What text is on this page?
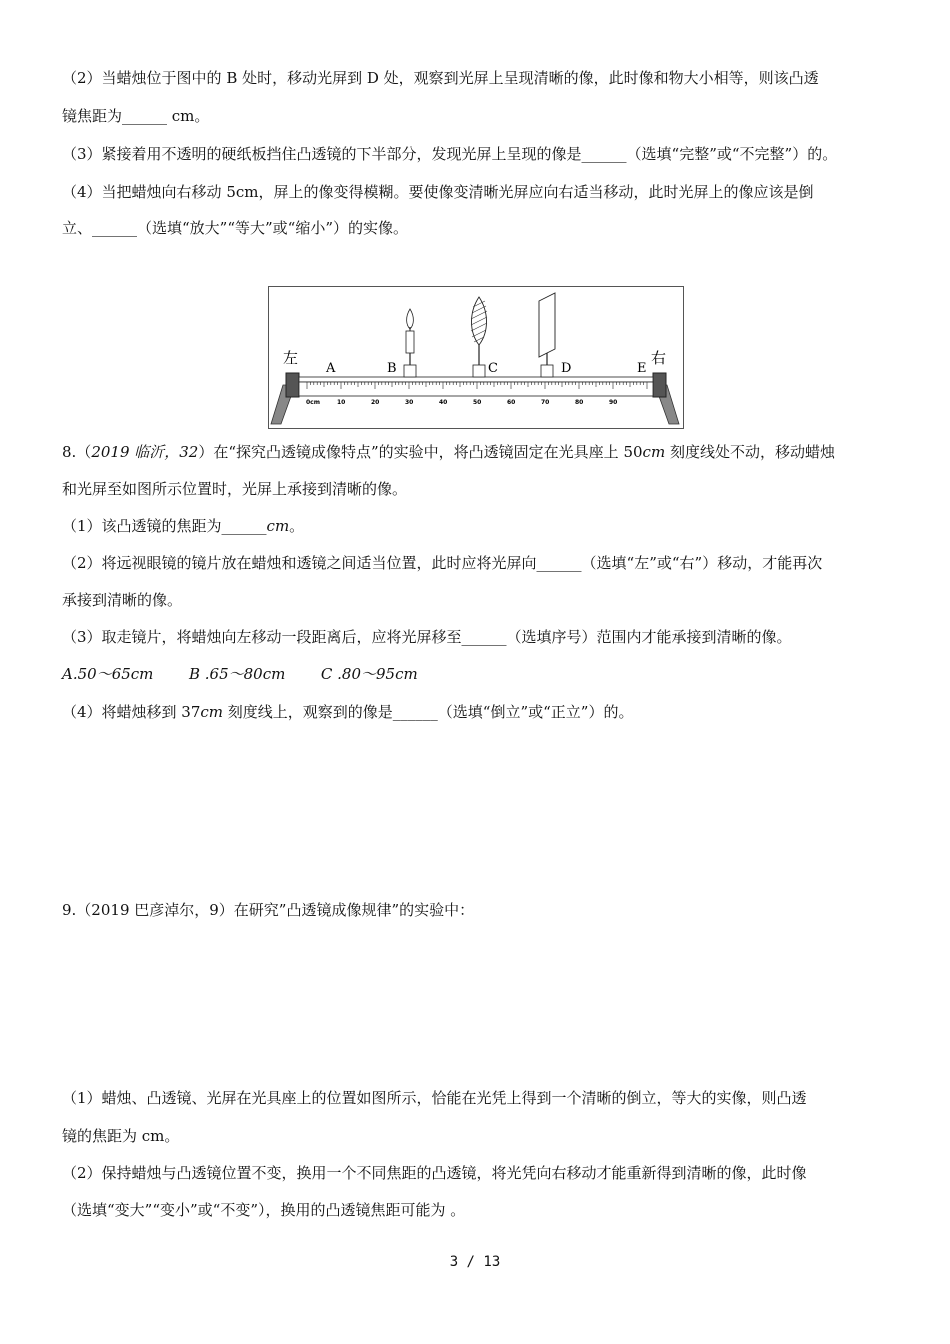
（2）当蜡烛位于图中的 B 处时，移动光屏到 D 处，观察到光屏上呈现清晰的像，此时像和物大小相等，则该凸透
镜焦距为______ cm。
（3）紧接着用不透明的硬纸板挡住凸透镜的下半部分，发现光屏上呈现的像是______（选填“完整”或“不完整”）的。
（4）当把蜡烛向右移动 5cm，屏上的像变得模糊。要使像变清晰光屏应向右适当移动，此时光屏上的像应该是倒
立、______（选填“放大”“等大”或“缩小”）的实像。
0cm	10	20	30	40	50	60	70	80	90
左	右
A	B	C	D	E
8.（2019 临沂，32）在“探究凸透镜成像特点”的实验中，将凸透镜固定在光具座上 50cm 刻度线处不动，移动蜡烛
和光屏至如图所示位置时，光屏上承接到清晰的像。
（1）该凸透镜的焦距为______cm。
（2）将远视眼镜的镜片放在蜡烛和透镜之间适当位置，此时应将光屏向______（选填“左”或“右”）移动，才能再次
承接到清晰的像。
（3）取走镜片，将蜡烛向左移动一段距离后，应将光屏移至______（选填序号）范围内才能承接到清晰的像。
A.50～65cm B .65～80cm C .80～95cm
（4）将蜡烛移到 37cm 刻度线上，观察到的像是______（选填“倒立”或“正立”）的。
9.（2019 巴彦淖尔，9）在研究”凸透镜成像规律”的实验中：
（1）蜡烛、凸透镜、光屏在光具座上的位置如图所示，恰能在光凭上得到一个清晰的倒立，等大的实像，则凸透
镜的焦距为 cm。
（2）保持蜡烛与凸透镜位置不变，换用一个不同焦距的凸透镜，将光凭向右移动才能重新得到清晰的像，此时像
（选填“变大”“变小”或“不变”），换用的凸透镜焦距可能为 。
3 / 13
